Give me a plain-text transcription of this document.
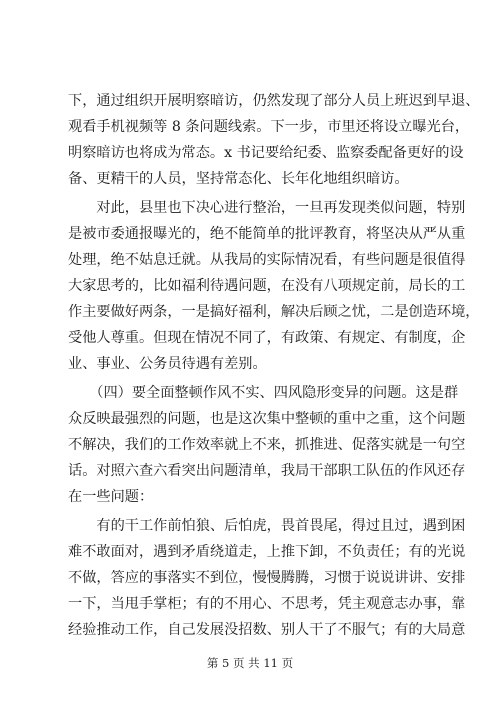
下，通过组织开展明察暗访，仍然发现了部分人员上班迟到早退、
观看手机视频等 8 条问题线索。下一步，市里还将设立曝光台，
明察暗访也将成为常态。x 书记要给纪委、监察委配备更好的设
备、更精干的人员，坚持常态化、长年化地组织暗访。
　　对此，县里也下决心进行整治，一旦再发现类似问题，特别
是被市委通报曝光的，绝不能简单的批评教育，将坚决从严从重
处理，绝不姑息迁就。从我局的实际情况看，有些问题是很值得
大家思考的，比如福利待遇问题，在没有八项规定前，局长的工
作主要做好两条，一是搞好福利，解决后顾之忧，二是创造环境，
受他人尊重。但现在情况不同了，有政策、有规定、有制度，企
业、事业、公务员待遇有差别。
　　（四）要全面整顿作风不实、四风隐形变异的问题。这是群
众反映最强烈的问题，也是这次集中整顿的重中之重，这个问题
不解决，我们的工作效率就上不来，抓推进、促落实就是一句空
话。对照六查六看突出问题清单，我局干部职工队伍的作风还存
在一些问题：
　　有的干工作前怕狼、后怕虎，畏首畏尾，得过且过，遇到困
难不敢面对，遇到矛盾绕道走，上推下卸，不负责任；有的光说
不做，答应的事落实不到位，慢慢腾腾，习惯于说说讲讲、安排
一下，当甩手掌柜；有的不用心、不思考，凭主观意志办事，靠
经验推动工作，自己发展没招数、别人干了不服气；有的大局意
第 5 页 共 11 页
